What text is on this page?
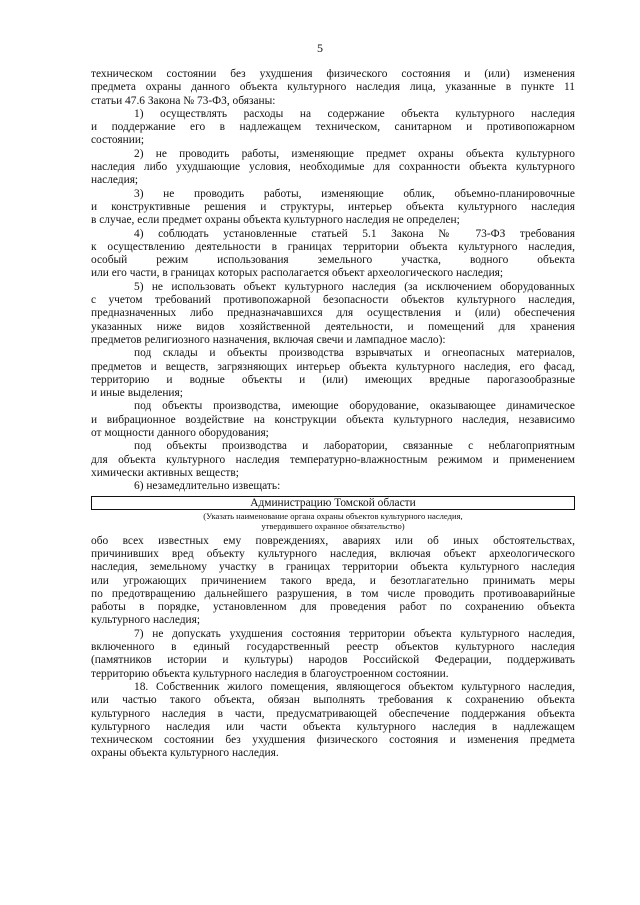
5
техническом состоянии без ухудшения физического состояния и (или) изменения
предмета охраны данного объекта культурного наследия лица, указанные в пункте 11
статьи 47.6 Закона № 73-ФЗ, обязаны:
1) осуществлять расходы на содержание объекта культурного наследия
и поддержание его в надлежащем техническом, санитарном и противопожарном
состоянии;
2) не проводить работы, изменяющие предмет охраны объекта культурного
наследия либо ухудшающие условия, необходимые для сохранности объекта культурного
наследия;
3) не проводить работы, изменяющие облик, объемно-планировочные
и конструктивные решения и структуры, интерьер объекта культурного наследия
в случае, если предмет охраны объекта культурного наследия не определен;
4) соблюдать установленные статьей 5.1 Закона № 73-ФЗ требования
к осуществлению деятельности в границах территории объекта культурного наследия,
особый режим использования земельного участка, водного объекта
или его части, в границах которых располагается объект археологического наследия;
5) не использовать объект культурного наследия (за исключением оборудованных
с учетом требований противопожарной безопасности объектов культурного наследия,
предназначенных либо предназначавшихся для осуществления и (или) обеспечения
указанных ниже видов хозяйственной деятельности, и помещений для хранения
предметов религиозного назначения, включая свечи и лампадное масло):
под склады и объекты производства взрывчатых и огнеопасных материалов,
предметов и веществ, загрязняющих интерьер объекта культурного наследия, его фасад,
территорию и водные объекты и (или) имеющих вредные парогазообразные
и иные выделения;
под объекты производства, имеющие оборудование, оказывающее динамическое
и вибрационное воздействие на конструкции объекта культурного наследия, независимо
от мощности данного оборудования;
под объекты производства и лаборатории, связанные с неблагоприятным
для объекта культурного наследия температурно-влажностным режимом и применением
химически активных веществ;
6) незамедлительно извещать:
Администрацию Томской области
(Указать наименование органа охраны объектов культурного наследия,
утвердившего охранное обязательство)
обо всех известных ему повреждениях, авариях или об иных обстоятельствах,
причинивших вред объекту культурного наследия, включая объект археологического
наследия, земельному участку в границах территории объекта культурного наследия
или угрожающих причинением такого вреда, и безотлагательно принимать меры
по предотвращению дальнейшего разрушения, в том числе проводить противоаварийные
работы в порядке, установленном для проведения работ по сохранению объекта
культурного наследия;
7) не допускать ухудшения состояния территории объекта культурного наследия,
включенного в единый государственный реестр объектов культурного наследия
(памятников истории и культуры) народов Российской Федерации, поддерживать
территорию объекта культурного наследия в благоустроенном состоянии.
18. Собственник жилого помещения, являющегося объектом культурного наследия,
или частью такого объекта, обязан выполнять требования к сохранению объекта
культурного наследия в части, предусматривающей обеспечение поддержания объекта
культурного наследия или части объекта культурного наследия в надлежащем
техническом состоянии без ухудшения физического состояния и изменения предмета
охраны объекта культурного наследия.
